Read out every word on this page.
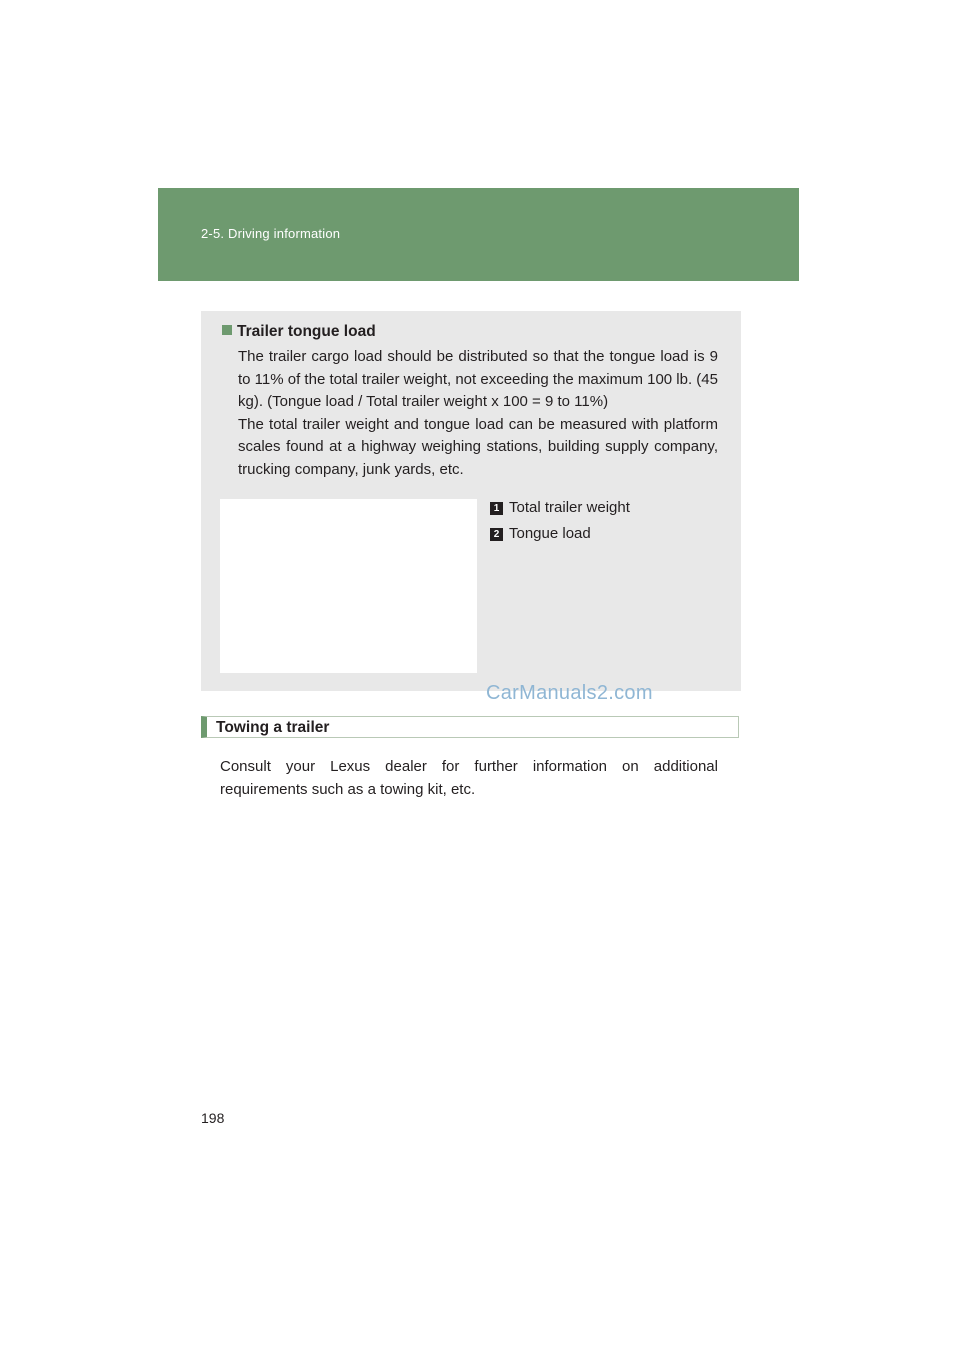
2-5. Driving information
Trailer tongue load

The trailer cargo load should be distributed so that the tongue load is 9 to 11% of the total trailer weight, not exceeding the maximum 100 lb. (45 kg). (Tongue load / Total trailer weight x 100 = 9 to 11%)

The total trailer weight and tongue load can be measured with platform scales found at a highway weighing stations, building supply company, trucking company, junk yards, etc.

1 Total trailer weight
2 Tongue load
CarManuals2.com
Towing a trailer

Consult your Lexus dealer for further information on additional requirements such as a towing kit, etc.

198
